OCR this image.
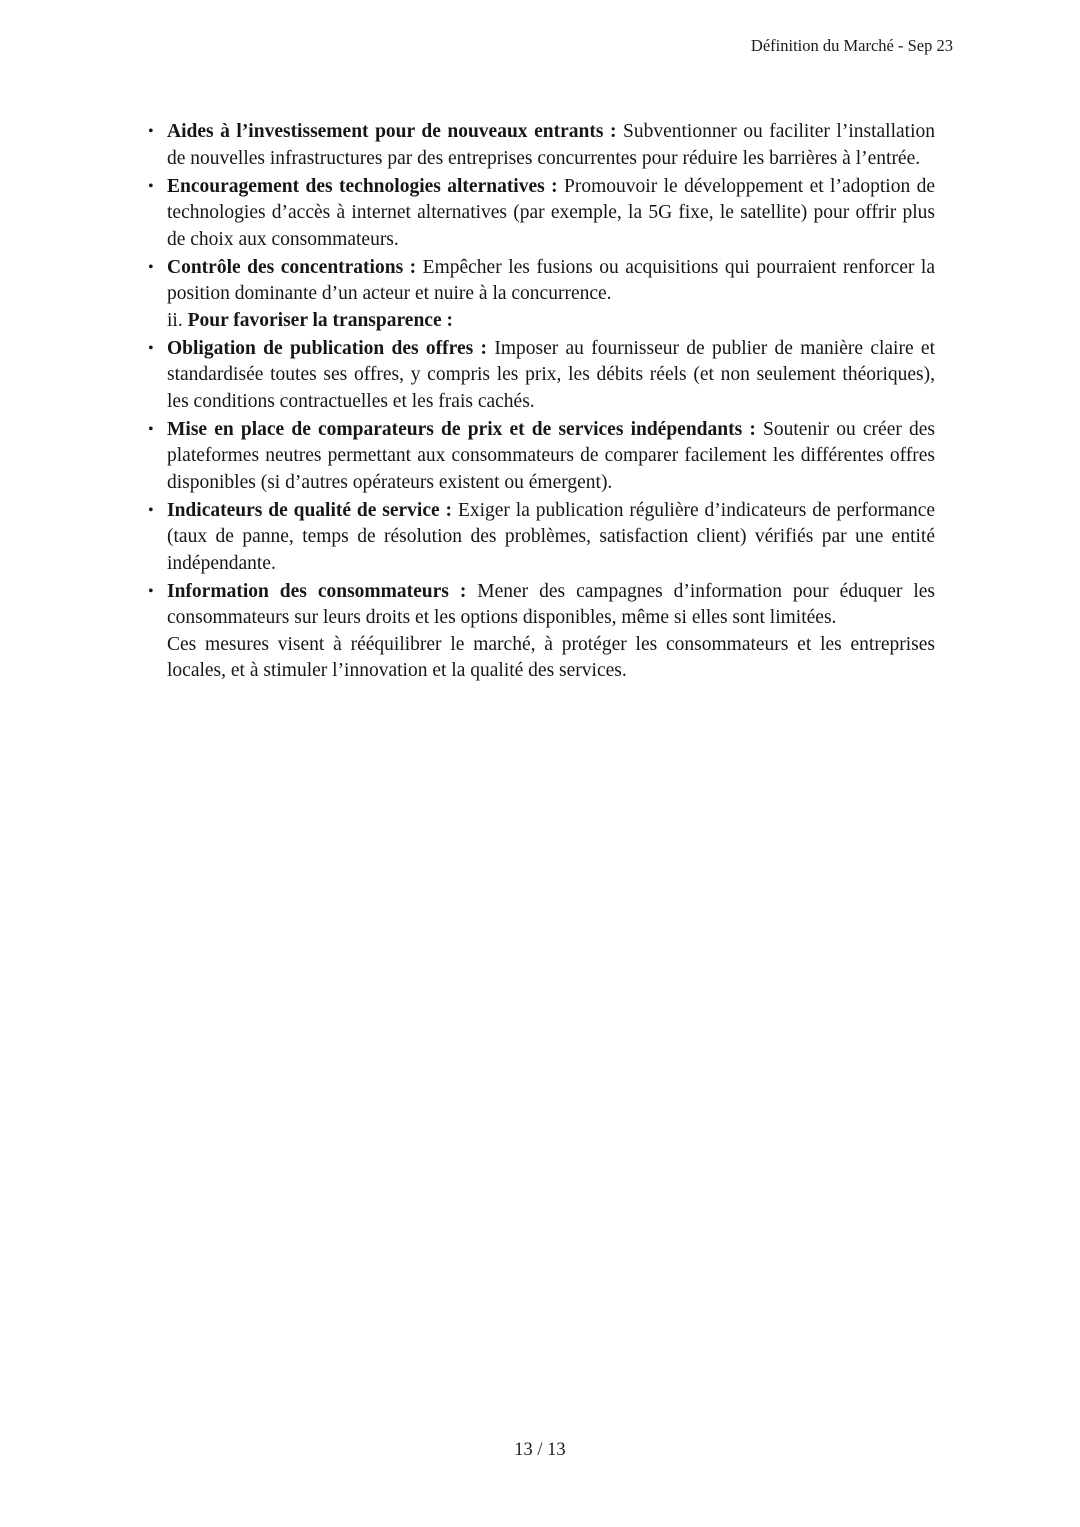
Définition du Marché - Sep 23
• Aides à l’investissement pour de nouveaux entrants : Subventionner ou faciliter l’installation de nouvelles infrastructures par des entreprises concurrentes pour réduire les barrières à l’entrée.
• Encouragement des technologies alternatives : Promouvoir le développement et l’adoption de technologies d’accès à internet alternatives (par exemple, la 5G fixe, le satellite) pour offrir plus de choix aux consommateurs.
• Contrôle des concentrations : Empêcher les fusions ou acquisitions qui pourraient renforcer la position dominante d’un acteur et nuire à la concurrence.
ii. Pour favoriser la transparence :
• Obligation de publication des offres : Imposer au fournisseur de publier de manière claire et standardisée toutes ses offres, y compris les prix, les débits réels (et non seulement théoriques), les conditions contractuelles et les frais cachés.
• Mise en place de comparateurs de prix et de services indépendants : Soutenir ou créer des plateformes neutres permettant aux consommateurs de comparer facilement les différentes offres disponibles (si d’autres opérateurs existent ou émergent).
• Indicateurs de qualité de service : Exiger la publication régulière d’indicateurs de performance (taux de panne, temps de résolution des problèmes, satisfaction client) vérifiés par une entité indépendante.
• Information des consommateurs : Mener des campagnes d’information pour éduquer les consommateurs sur leurs droits et les options disponibles, même si elles sont limitées.
Ces mesures visent à rééquilibrer le marché, à protéger les consommateurs et les entreprises locales, et à stimuler l’innovation et la qualité des services.
13 / 13
